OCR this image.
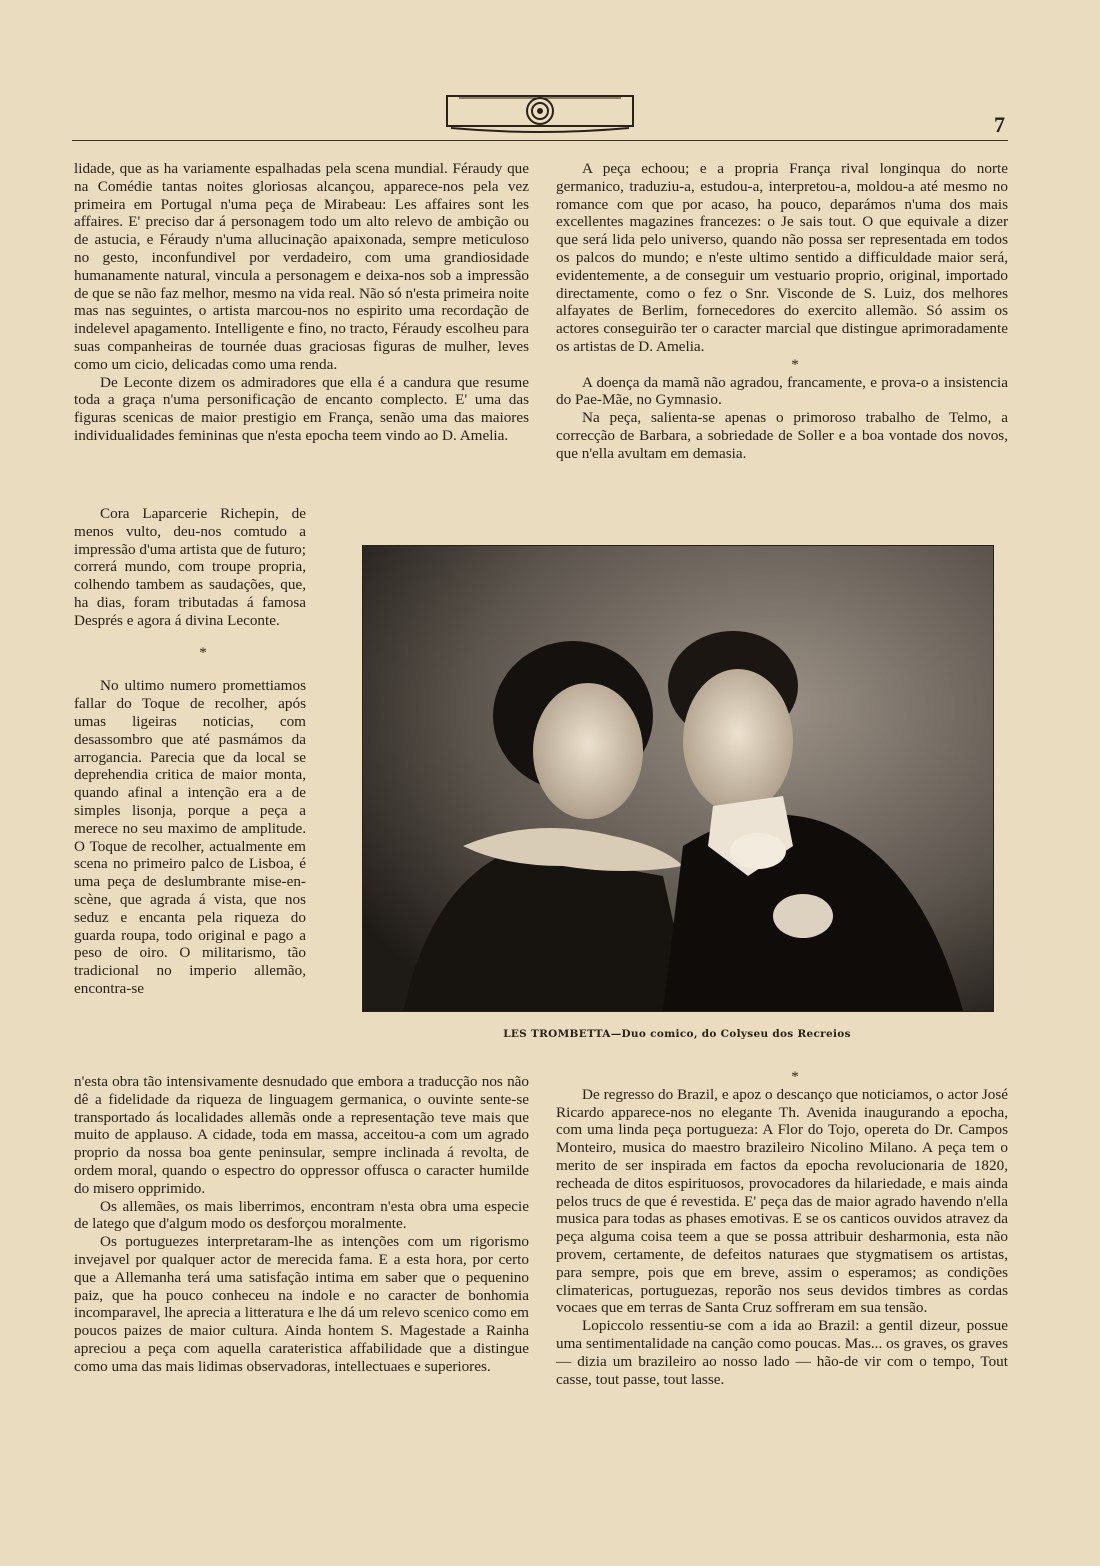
7

lidade, que as ha variamente espalhadas pela scena mundial. Féraudy que na Comédie tantas noites gloriosas alcançou, apparece-nos pela vez primeira em Portugal n'uma peça de Mirabeau: Les affaires sont les affaires. E' preciso dar á personagem todo um alto relevo de ambição ou de astucia, e Féraudy n'uma allucinação apaixonada, sempre meticuloso no gesto, inconfundivel por verdadeiro, com uma grandiosidade humanamente natural, vincula a personagem e deixa-nos sob a impressão de que se não faz melhor, mesmo na vida real. Não só n'esta primeira noite mas nas seguintes, o artista marcou-nos no espirito uma recordação de indelevel apagamento. Intelligente e fino, no tracto, Féraudy escolheu para suas companheiras de tournée duas graciosas figuras de mulher, leves como um cicio, delicadas como uma renda.

De Leconte dizem os admiradores que ella é a candura que resume toda a graça n'uma personificação de encanto complecto. E' uma das figuras scenicas de maior prestigio em França, senão uma das maiores individualidades femininas que n'esta epocha teem vindo ao D. Amelia.

Cora Laparcerie Richepin, de menos vulto, deu-nos comtudo a impressão d'uma artista que de futuro; correrá mundo, com troupe propria, colhendo tambem as saudações, que, ha dias, foram tributadas á famosa Després e agora á divina Leconte.

*

No ultimo numero promettiamos fallar do Toque de recolher, após umas ligeiras noticias, com desassombro que até pasmámos da arrogancia. Parecia que da local se deprehendia critica de maior monta, quando afinal a intenção era a de simples lisonja, porque a peça a merece no seu maximo de amplitude. O Toque de recolher, actualmente em scena no primeiro palco de Lisboa, é uma peça de deslumbrante mise-en-scène, que agrada á vista, que nos seduz e encanta pela riqueza do guarda roupa, todo original e pago a peso de oiro. O militarismo, tão tradicional no imperio allemão, encontra-se

n'esta obra tão intensivamente desnudado que embora a traducção nos não dê a fidelidade da riqueza de linguagem germanica, o ouvinte sente-se transportado ás localidades allemãs onde a representação teve mais que muito de applauso. A cidade, toda em massa, acceitou-a com um agrado proprio da nossa boa gente peninsular, sempre inclinada á revolta, de ordem moral, quando o espectro do oppressor offusca o caracter humilde do misero opprimido.

Os allemães, os mais liberrimos, encontram n'esta obra uma especie de latego que d'algum modo os desforçou moralmente.

Os portuguezes interpretaram-lhe as intenções com um rigorismo invejavel por qualquer actor de merecida fama. E a esta hora, por certo que a Allemanha terá uma satisfação intima em saber que o pequenino paiz, que ha pouco conheceu na indole e no caracter de bonhomia incomparavel, lhe aprecia a litteratura e lhe dá um relevo scenico como em poucos paizes de maior cultura. Ainda hontem S. Magestade a Rainha apreciou a peça com aquella carateristica affabilidade que a distingue como uma das mais lidimas observadoras, intellectuaes e superiores.

A peça echoou; e a propria França rival longinqua do norte germanico, traduziu-a, estudou-a, interpretou-a, moldou-a até mesmo no romance com que por acaso, ha pouco, deparámos n'uma dos mais excellentes magazines francezes: o Je sais tout. O que equivale a dizer que será lida pelo universo, quando não possa ser representada em todos os palcos do mundo; e n'este ultimo sentido a difficuldade maior será, evidentemente, a de conseguir um vestuario proprio, original, importado directamente, como o fez o Snr. Visconde de S. Luiz, dos melhores alfayates de Berlim, fornecedores do exercito allemão. Só assim os actores conseguirão ter o caracter marcial que distingue aprimoradamente os artistas de D. Amelia.

*

A doença da mamã não agradou, francamente, e prova-o a insistencia do Pae-Mãe, no Gymnasio.

Na peça, salienta-se apenas o primoroso trabalho de Telmo, a correcção de Barbara, a sobriedade de Soller e a boa vontade dos novos, que n'ella avultam em demasia.

LES TROMBETTA—Duo comico, do Colyseu dos Recreios

*

De regresso do Brazil, e apoz o descanço que noticiamos, o actor José Ricardo apparece-nos no elegante Th. Avenida inaugurando a epocha, com uma linda peça portugueza: A Flor do Tojo, opereta do Dr. Campos Monteiro, musica do maestro brazileiro Nicolino Milano. A peça tem o merito de ser inspirada em factos da epocha revolucionaria de 1820, recheada de ditos espirituosos, provocadores da hilariedade, e mais ainda pelos trucs de que é revestida. E' peça das de maior agrado havendo n'ella musica para todas as phases emotivas. E se os canticos ouvidos atravez da peça alguma coisa teem a que se possa attribuir desharmonia, esta não provem, certamente, de defeitos naturaes que stygmatisem os artistas, para sempre, pois que em breve, assim o esperamos; as condições climatericas, portuguezas, reporão nos seus devidos timbres as cordas vocaes que em terras de Santa Cruz soffreram em sua tensão.

Lopiccolo ressentiu-se com a ida ao Brazil: a gentil dizeur, possue uma sentimentalidade na canção como poucas. Mas... os graves, os graves — dizia um brazileiro ao nosso lado — hão-de vir com o tempo, Tout casse, tout passe, tout lasse.
